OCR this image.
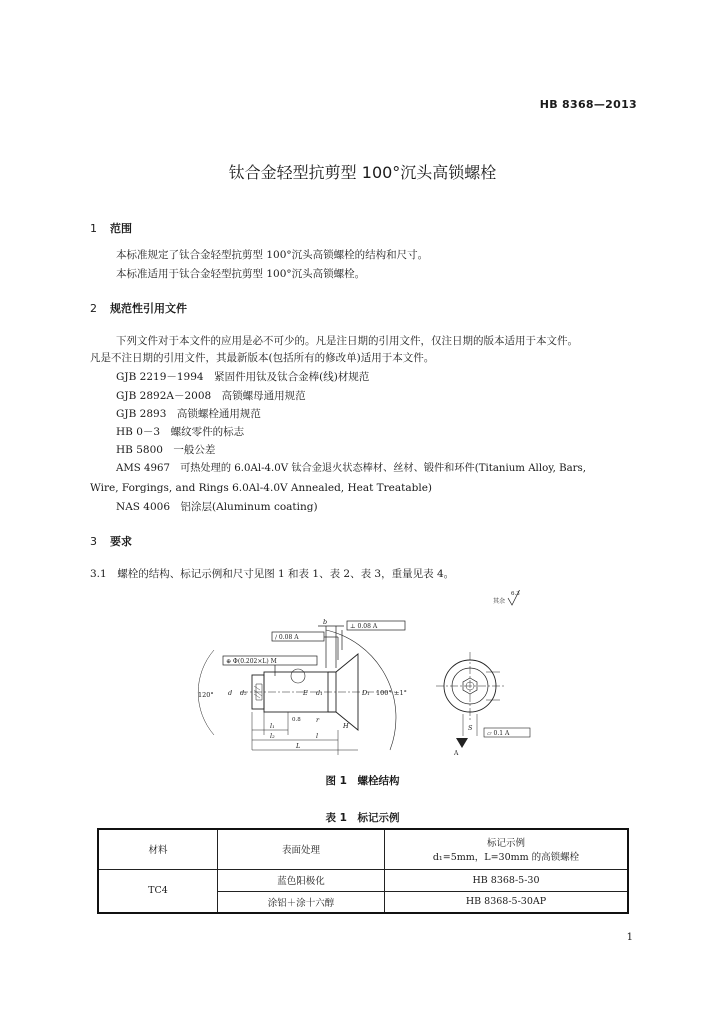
HB 8368—2013
钛合金轻型抗剪型 100°沉头高锁螺栓
1 范围
本标准规定了钛合金轻型抗剪型 100°沉头高锁螺栓的结构和尺寸。
本标准适用于钛合金轻型抗剪型 100°沉头高锁螺栓。
2 规范性引用文件
下列文件对于本文件的应用是必不可少的。凡是注日期的引用文件，仅注日期的版本适用于本文件。
凡是不注日期的引用文件，其最新版本(包括所有的修改单)适用于本文件。
GJB 2219－1994　紧固件用钛及钛合金棒(线)材规范
GJB 2892A－2008　高锁螺母通用规范
GJB 2893　高锁螺栓通用规范
HB 0－3　螺纹零件的标志
HB 5800　一般公差
AMS 4967　可热处理的 6.0Al-4.0V 钛合金退火状态棒材、丝材、锻件和环件(Titanium Alloy, Bars,
Wire, Forgings, and Rings 6.0Al-4.0V Annealed, Heat Treatable)
NAS 4006　铝涂层(Aluminum coating)
3 要求
3.1　螺栓的结构、标记示例和尺寸见图 1 和表 1、表 2、表 3，重量见表 4。
其余
6.3
b
⊥ 0.08 A
∕ 0.08 A
⊕ Φ(0.202×L) M
120° d d₂	d₁	D₁
E	100° ±1°
0.8 r
l₁
l₂	l
L
H	S
⏥ 0.1 A
A
图 1　螺栓结构
表 1　标记示例
材料	表面处理	标记示例
d₁=5mm，L=30mm 的高锁螺栓

TC4	蓝色阳极化	HB 8368-5-30
	涂铝＋涂十六醇	HB 8368-5-30AP
1
